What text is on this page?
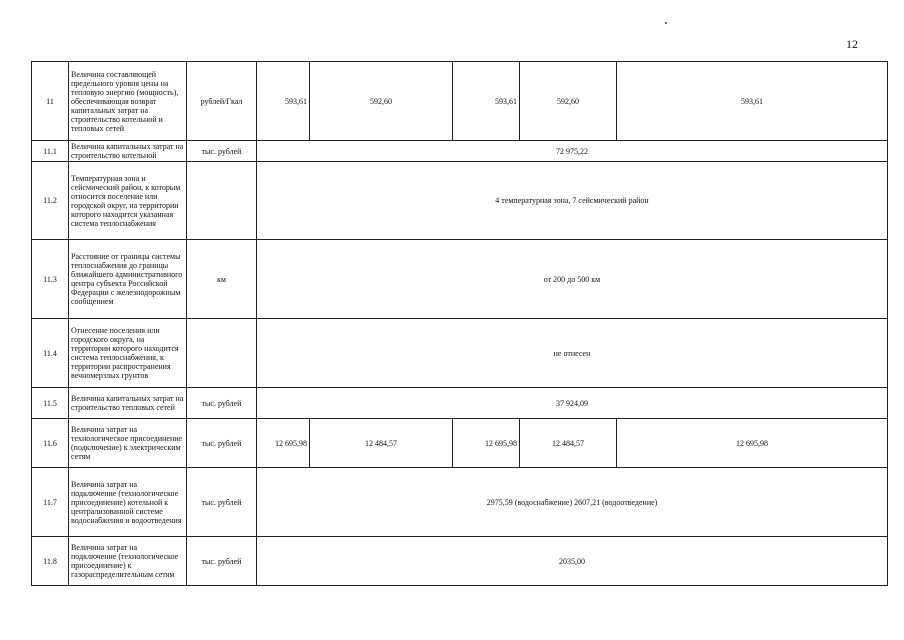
12
11	Величина составляющей предельного уровня цены на тепловую энергию (мощность), обеспечивающая возврат капитальных затрат на строительство котельной и тепловых сетей	рублей/Гкал	593,61	592,60	593,61	592,60	593,61
11.1	Величина капитальных затрат на строительство котельной	тыс. рублей	72 975,22				
11.2	Температурная зона и сейсмический район, к которым относится поселение или городской округ, на территории которого находится указанная система теплоснабжения		4 температурная зона, 7 сейсмический район				
11.3	Расстояние от границы системы теплоснабжения до границы ближайшего административного центра субъекта Российской Федерации с железнодорожным сообщением	км	от 200 до 500 км				
11.4	Отнесение поселения или городского округа, на территории которого находится система теплоснабжения, к территории распространения вечномерзлых грунтов		не отнесен				
11.5	Величина капитальных затрат на строительство тепловых сетей	тыс. рублей	37 924,09				
11.6	Величина затрат на технологическое присоединение (подключение) к электрическим сетям	тыс. рублей	12 695,98	12 484,57	12 695,98	12 484,57	12 695,98
11.7	Величина затрат на подключение (технологическое присоединение) котельной к централизованной системе водоснабжения и водоотведения	тыс. рублей	2975,59 (водоснабжение) 2607,21 (водоотведение)				
11.8	Величина затрат на подключение (технологическое присоединение) к газораспределительным сетям	тыс. рублей	2035,00				
